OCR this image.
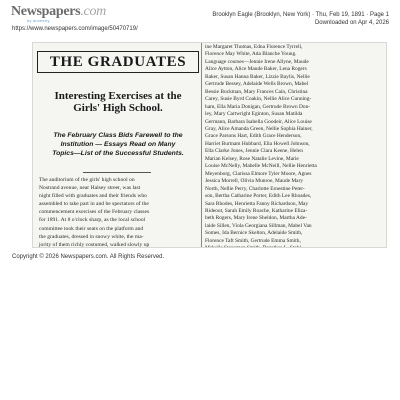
Newspapers.com
by ancestry
https://www.newspapers.com/image/50470719/
Brooklyn Eagle (Brooklyn, New York) · Thu, Feb 19, 1891 · Page 1
Downloaded on Apr 4, 2026
THE GRADUATES
Interesting Exercises at the
Girls' High School.
The February Class Bids Farewell to the
Institution — Essays Read on Many
Topics—List of the Successful Students.
The auditorium of the girls' high school on
Nostrand avenue, near Halsey street, was last
night filled with graduates and their friends who
assembled to take part in and be spectators of the
commencement exercises of the February classes
for 1891. At 8 o'clock sharp, as the local school
committee took their seats on the platform and
the graduates, dressed in snowy white, the ma-
jority of them richly costumed, walked slowly up
ine Margaret Thomas, Edna Florence Tyrrell,
Florence May White, Ada Blanche Young.
Language courses—Jennie Irene Allyne, Maude
Alice Aytton, Alice Maude Baker, Lena Rogers
Baker, Susan Hanna Baker, Lizzie Baylis, Nellie
Gertrude Bessey, Adelaide Wells Brown, Mabel
Bessie Buckman, Mary Frances Cain, Christina
Carey, Susie Byrd Coakin, Nellie Alice Cunning-
ham, Ella Maria Donigan, Gertrude Brown Don-
ley, Mary Cartwright Eginton, Susan Matilda
Germann, Barbara Isabella Goodeir, Alice Louise
Gray, Alice Amanda Green, Nellie Sophia Hainer,
Grace Parsons Hart, Edith Grace Henderson,
Harriet Burtnam Hubbard, Ella Howell Johnson,
Ella Clarke Jones, Jennie Clara Keene, Helen
Marian Kelsey, Rose Natalie Levine, Marie
Louise McNelly, Mabelle McNeill, Nellie Henrietta
Meyenborg, Clarissa Elmore Tyler Moore, Agnes
Jessica Morrell, Olivia Munroe, Maude Mary
North, Nellie Perry, Charlotte Ernestine Peter-
son, Bertha Catharine Porter, Edith Lee Rhoades,
Sara Rhodes, Henrietta Fanny Richardson, May
Rideout, Sarah Emily Roache, Katharine Eliza-
beth Rogers, Mary Irene Sheldon, Martha Ade-
laide Sillen, Viola Georgiana Sillman, Mabel Van
Somes, Ida Bernice Skelton, Adelaide Smith,
Florence Taft Smith, Gertrude Emma Smith,
Copyright © 2026 Newspapers.com. All Rights Reserved.
